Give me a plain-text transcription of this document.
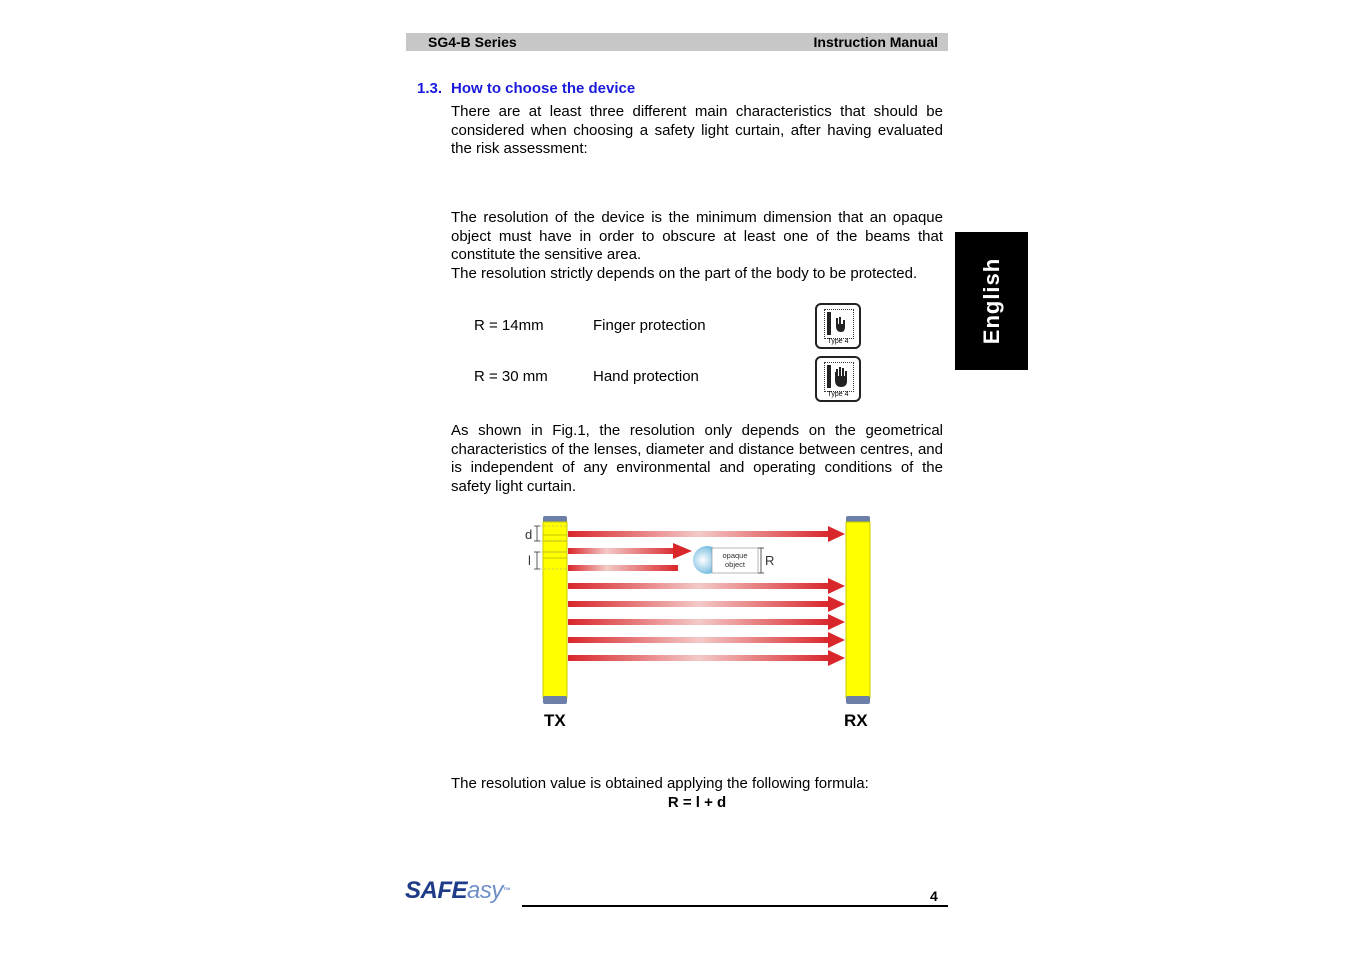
SG4-B Series	Instruction Manual
1.3. How to choose the device

There are at least three different main characteristics that should be considered when choosing a safety light curtain, after having evaluated the risk assessment:

The resolution of the device is the minimum dimension that an opaque object must have in order to obscure at least one of the beams that constitute the sensitive area.

The resolution strictly depends on the part of the body to be protected.

R = 14mm	Finger protection
Type 4
R = 30 mm	Hand protection
Type 4
English

As shown in Fig.1, the resolution only depends on the geometrical characteristics of the lenses, diameter and distance between centres, and is independent of any environmental and operating conditions of the safety light curtain.

opaque
object R
d
l
TX	RX
The resolution value is obtained applying the following formula:
R = l + d
SAFEasy™	4
